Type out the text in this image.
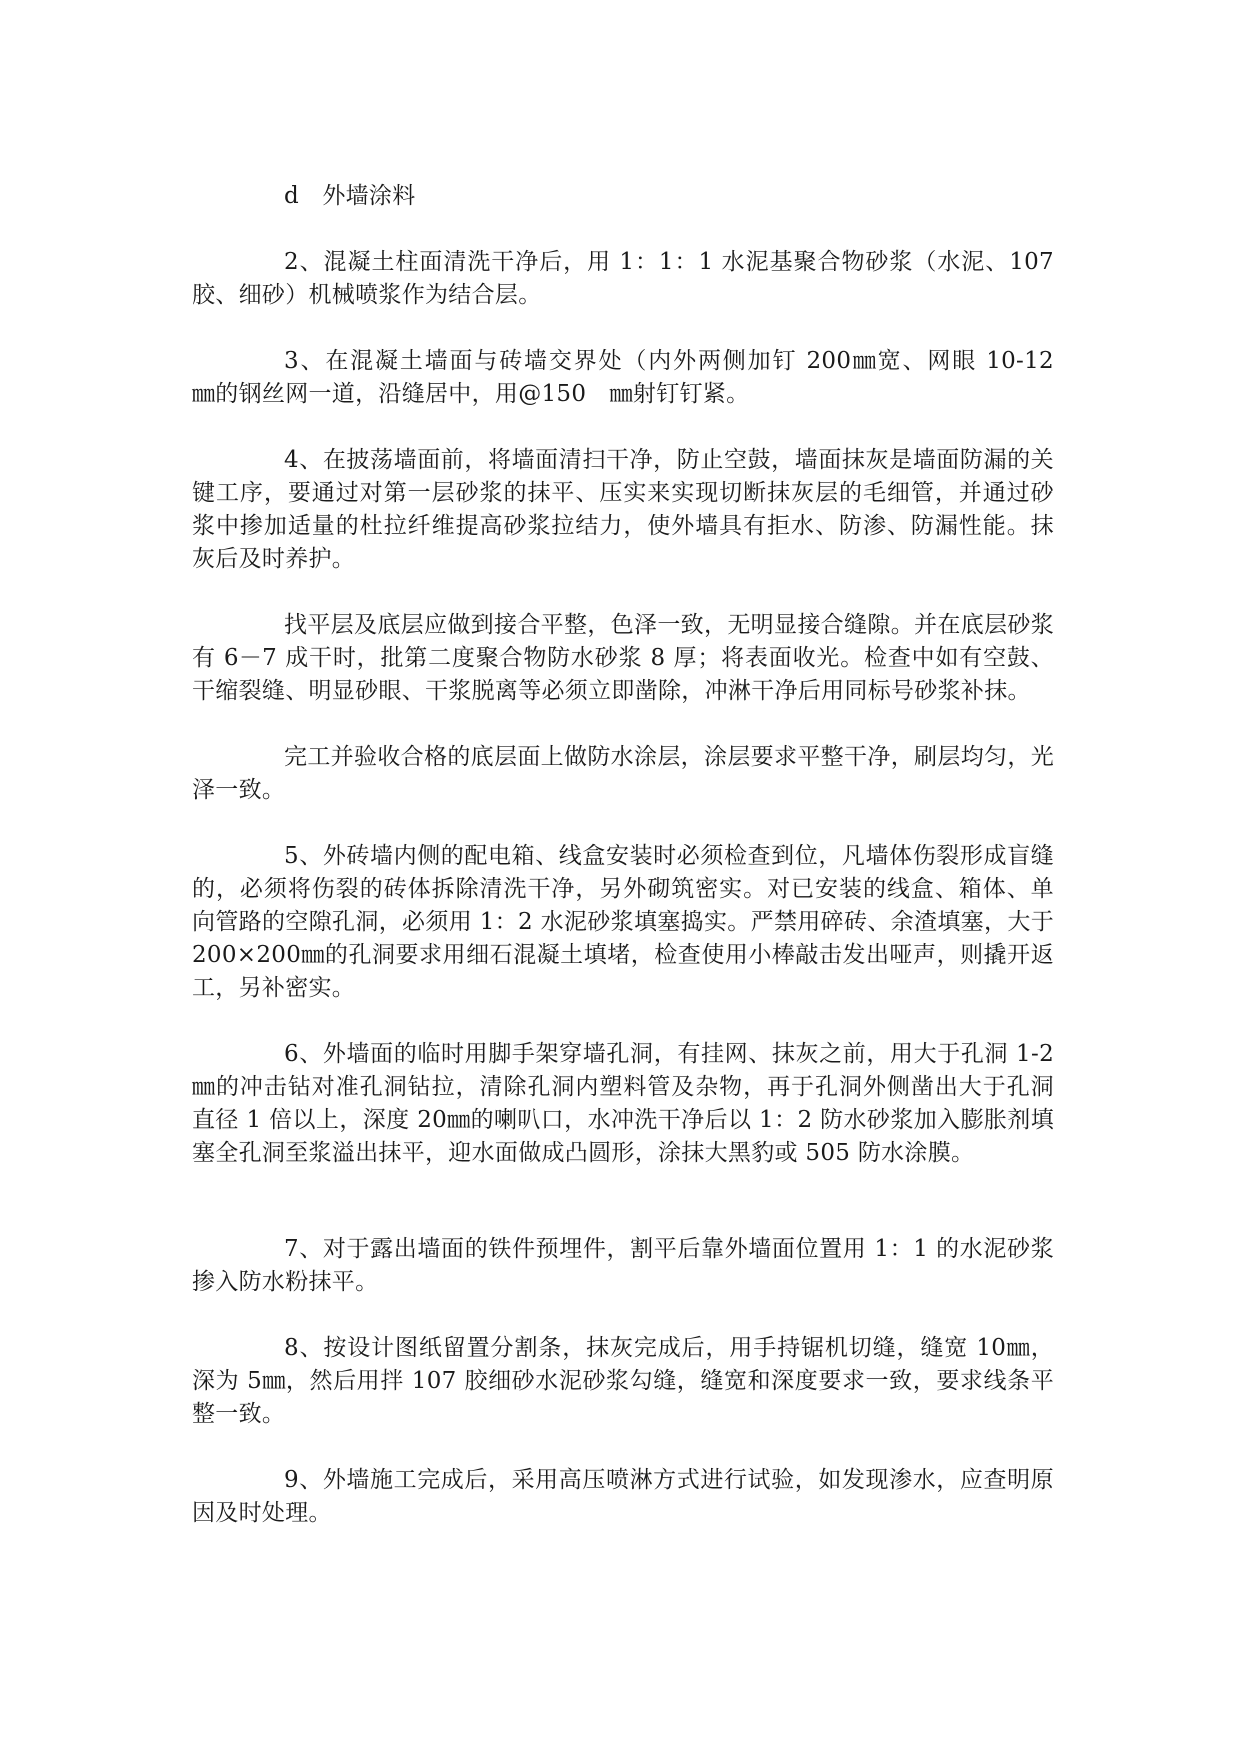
d　外墙涂料

2、混凝土柱面清洗干净后，用 1：1：1 水泥基聚合物砂浆（水泥、107 胶、细砂）机械喷浆作为结合层。

3、在混凝土墙面与砖墙交界处（内外两侧加钉 200㎜宽、网眼 10-12　㎜的钢丝网一道，沿缝居中，用@150　㎜射钉钉紧。

4、在披荡墙面前，将墙面清扫干净，防止空鼓，墙面抹灰是墙面防漏的关键工序，要通过对第一层砂浆的抹平、压实来实现切断抹灰层的毛细管，并通过砂浆中掺加适量的杜拉纤维提高砂浆拉结力，使外墙具有拒水、防渗、防漏性能。抹灰后及时养护。

找平层及底层应做到接合平整，色泽一致，无明显接合缝隙。并在底层砂浆有 6－7 成干时，批第二度聚合物防水砂浆 8 厚；将表面收光。检查中如有空鼓、干缩裂缝、明显砂眼、干浆脱离等必须立即凿除，冲淋干净后用同标号砂浆补抹。

完工并验收合格的底层面上做防水涂层，涂层要求平整干净，刷层均匀，光泽一致。

5、外砖墙内侧的配电箱、线盒安装时必须检查到位，凡墙体伤裂形成盲缝的，必须将伤裂的砖体拆除清洗干净，另外砌筑密实。对已安装的线盒、箱体、单向管路的空隙孔洞，必须用 1：2 水泥砂浆填塞捣实。严禁用碎砖、余渣填塞，大于 200×200㎜的孔洞要求用细石混凝土填堵，检查使用小棒敲击发出哑声，则撬开返工，另补密实。

6、外墙面的临时用脚手架穿墙孔洞，有挂网、抹灰之前，用大于孔洞 1-2㎜的冲击钻对准孔洞钻拉，清除孔洞内塑料管及杂物，再于孔洞外侧凿出大于孔洞直径 1 倍以上，深度 20㎜的喇叭口，水冲洗干净后以 1：2 防水砂浆加入膨胀剂填塞全孔洞至浆溢出抹平，迎水面做成凸圆形，涂抹大黑豹或 505 防水涂膜。

7、对于露出墙面的铁件预埋件，割平后靠外墙面位置用 1：1 的水泥砂浆掺入防水粉抹平。

8、按设计图纸留置分割条，抹灰完成后，用手持锯机切缝，缝宽 10㎜，深为 5㎜，然后用拌 107 胶细砂水泥砂浆勾缝，缝宽和深度要求一致，要求线条平整一致。

9、外墙施工完成后，采用高压喷淋方式进行试验，如发现渗水，应查明原因及时处理。
